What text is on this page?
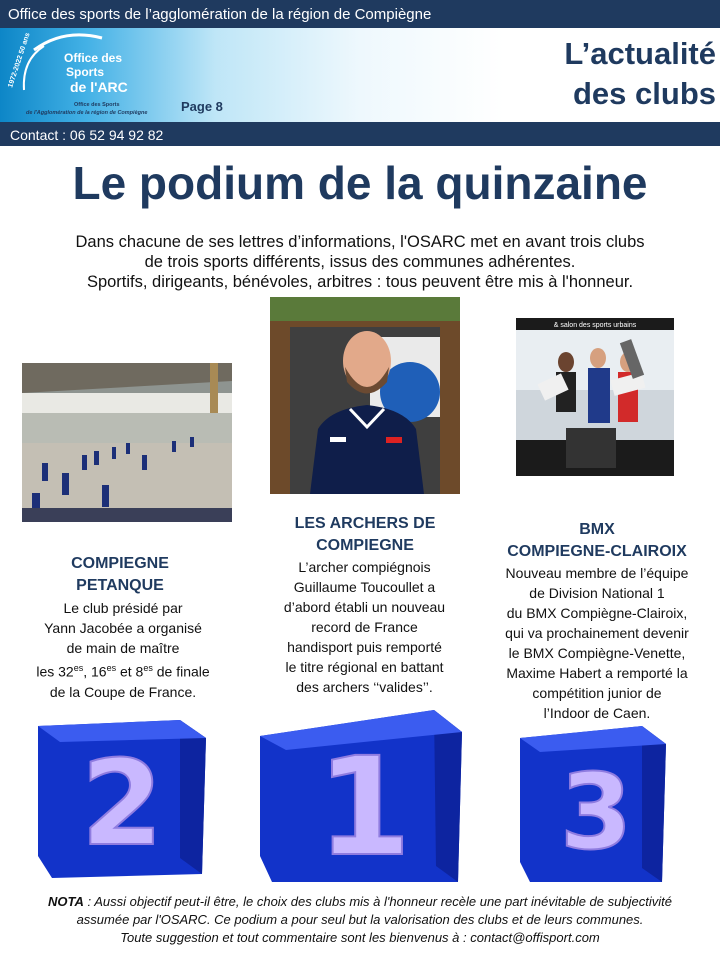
Office des sports de l’agglomération de la région de Compiègne
1972-2022 50 ans	Office des
Sports
de l'ARC
Office des Sports
de l'Agglomération de la région de Compiègne	Page 8
L’actualité
des clubs
Contact : 06 52 94 92 82
Le podium de la quinzaine
Dans chacune de ses lettres d’informations, l'OSARC met en avant trois clubs
de trois sports différents, issus des communes adhérentes.
Sportifs, dirigeants, bénévoles, arbitres : tous peuvent être mis à l'honneur.
& salon des sports urbains
COMPIEGNE
PETANQUE
Le club présidé par
Yann Jacobée a organisé
de main de maître
les $32^{es}$, $16^{es}$ et $8^{es}$ de finale
de la Coupe de France.
LES ARCHERS DE
COMPIEGNE
L’archer compiégnois
Guillaume Toucoullet a
d’abord établi un nouveau
record de France
handisport puis remporté
le titre régional en battant
des archers ‘‘valides’’.
BMX
COMPIEGNE-CLAIROIX
Nouveau membre de l’équipe
de Division National 1
du BMX Compiègne-Clairoix,
qui va prochainement devenir
le BMX Compiègne-Venette,
Maxime Habert a remporté la
compétition junior de
l’Indoor de Caen.
2 1 3
NOTA : Aussi objectif peut-il être, le choix des clubs mis à l'honneur recèle une part inévitable de subjectivité
assumée par l'OSARC. Ce podium a pour seul but la valorisation des clubs et de leurs communes.
Toute suggestion et tout commentaire sont les bienvenus à : contact@offisport.com
